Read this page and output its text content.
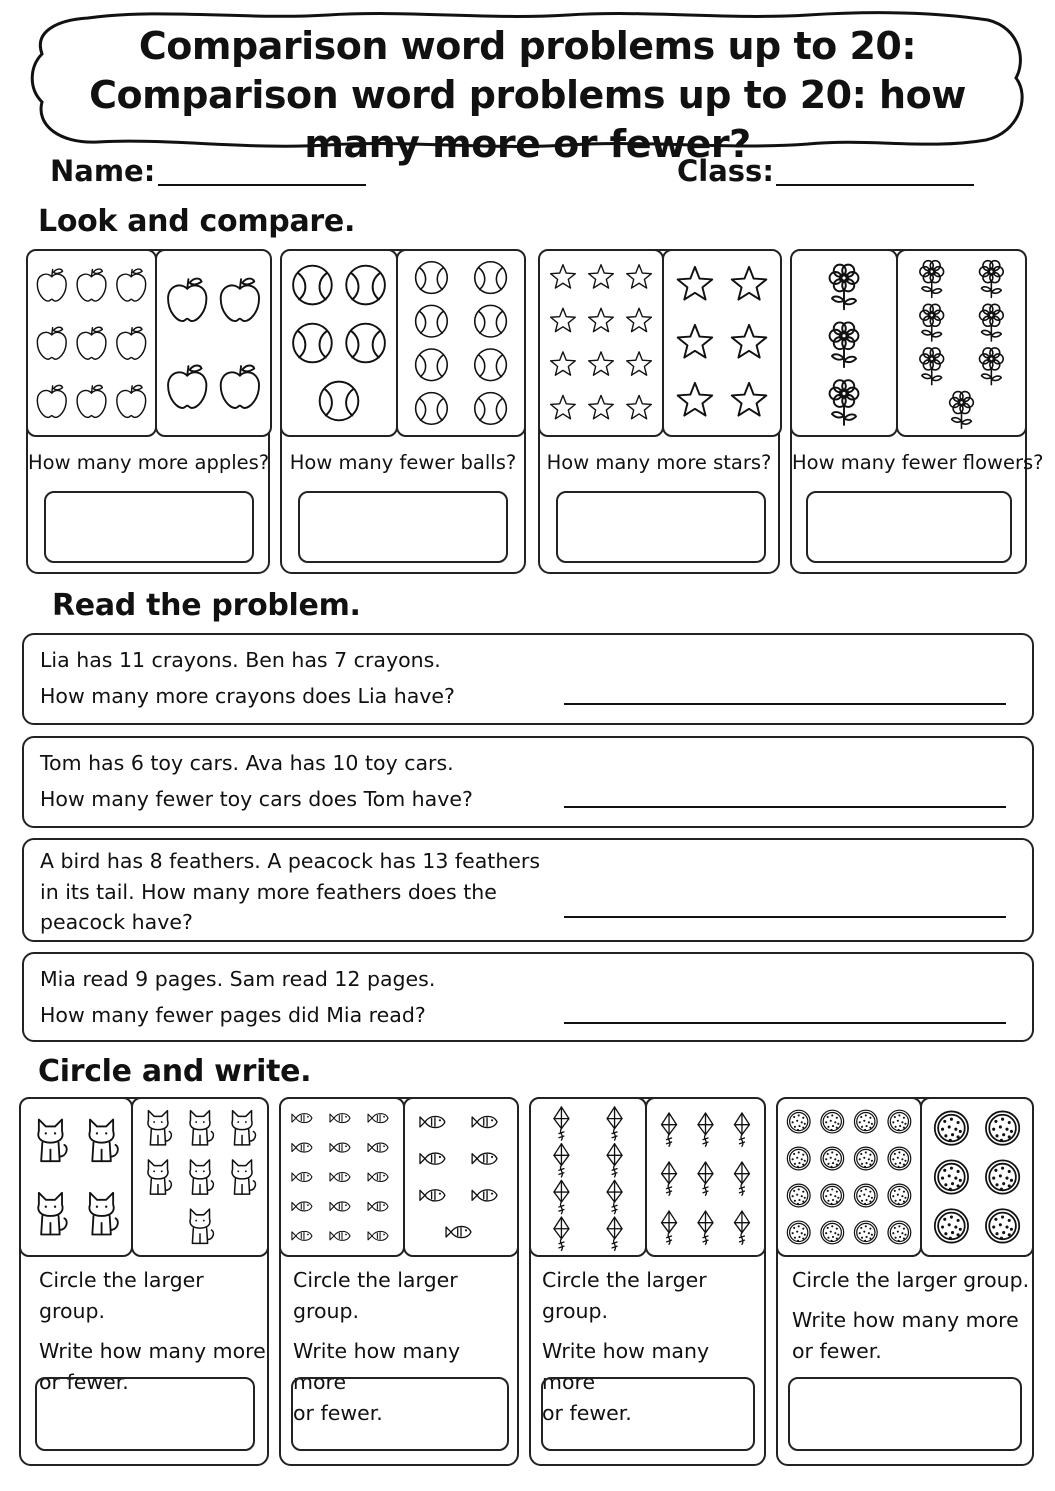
Comparison word problems up to 20: Comparison word problems up to 20: how many more or fewer?
Name:	Class:
Look and compare.
How many more apples?	How many fewer balls?	How many more stars?	How many fewer flowers?
Read the problem.
Lia has 11 crayons. Ben has 7 crayons.
How many more crayons does Lia have?
Tom has 6 toy cars. Ava has 10 toy cars.
How many fewer toy cars does Tom have?
A bird has 8 feathers. A peacock has 13 feathers
in its tail. How many more feathers does the
peacock have?
Mia read 9 pages. Sam read 12 pages.
How many fewer pages did Mia read?
Circle and write.
Circle the larger group.
Write how many more
or fewer.
Circle the larger group.
Write how many more
or fewer.
Circle the larger group.
Write how many more
or fewer.
Circle the larger group.
Write how many more
or fewer.
